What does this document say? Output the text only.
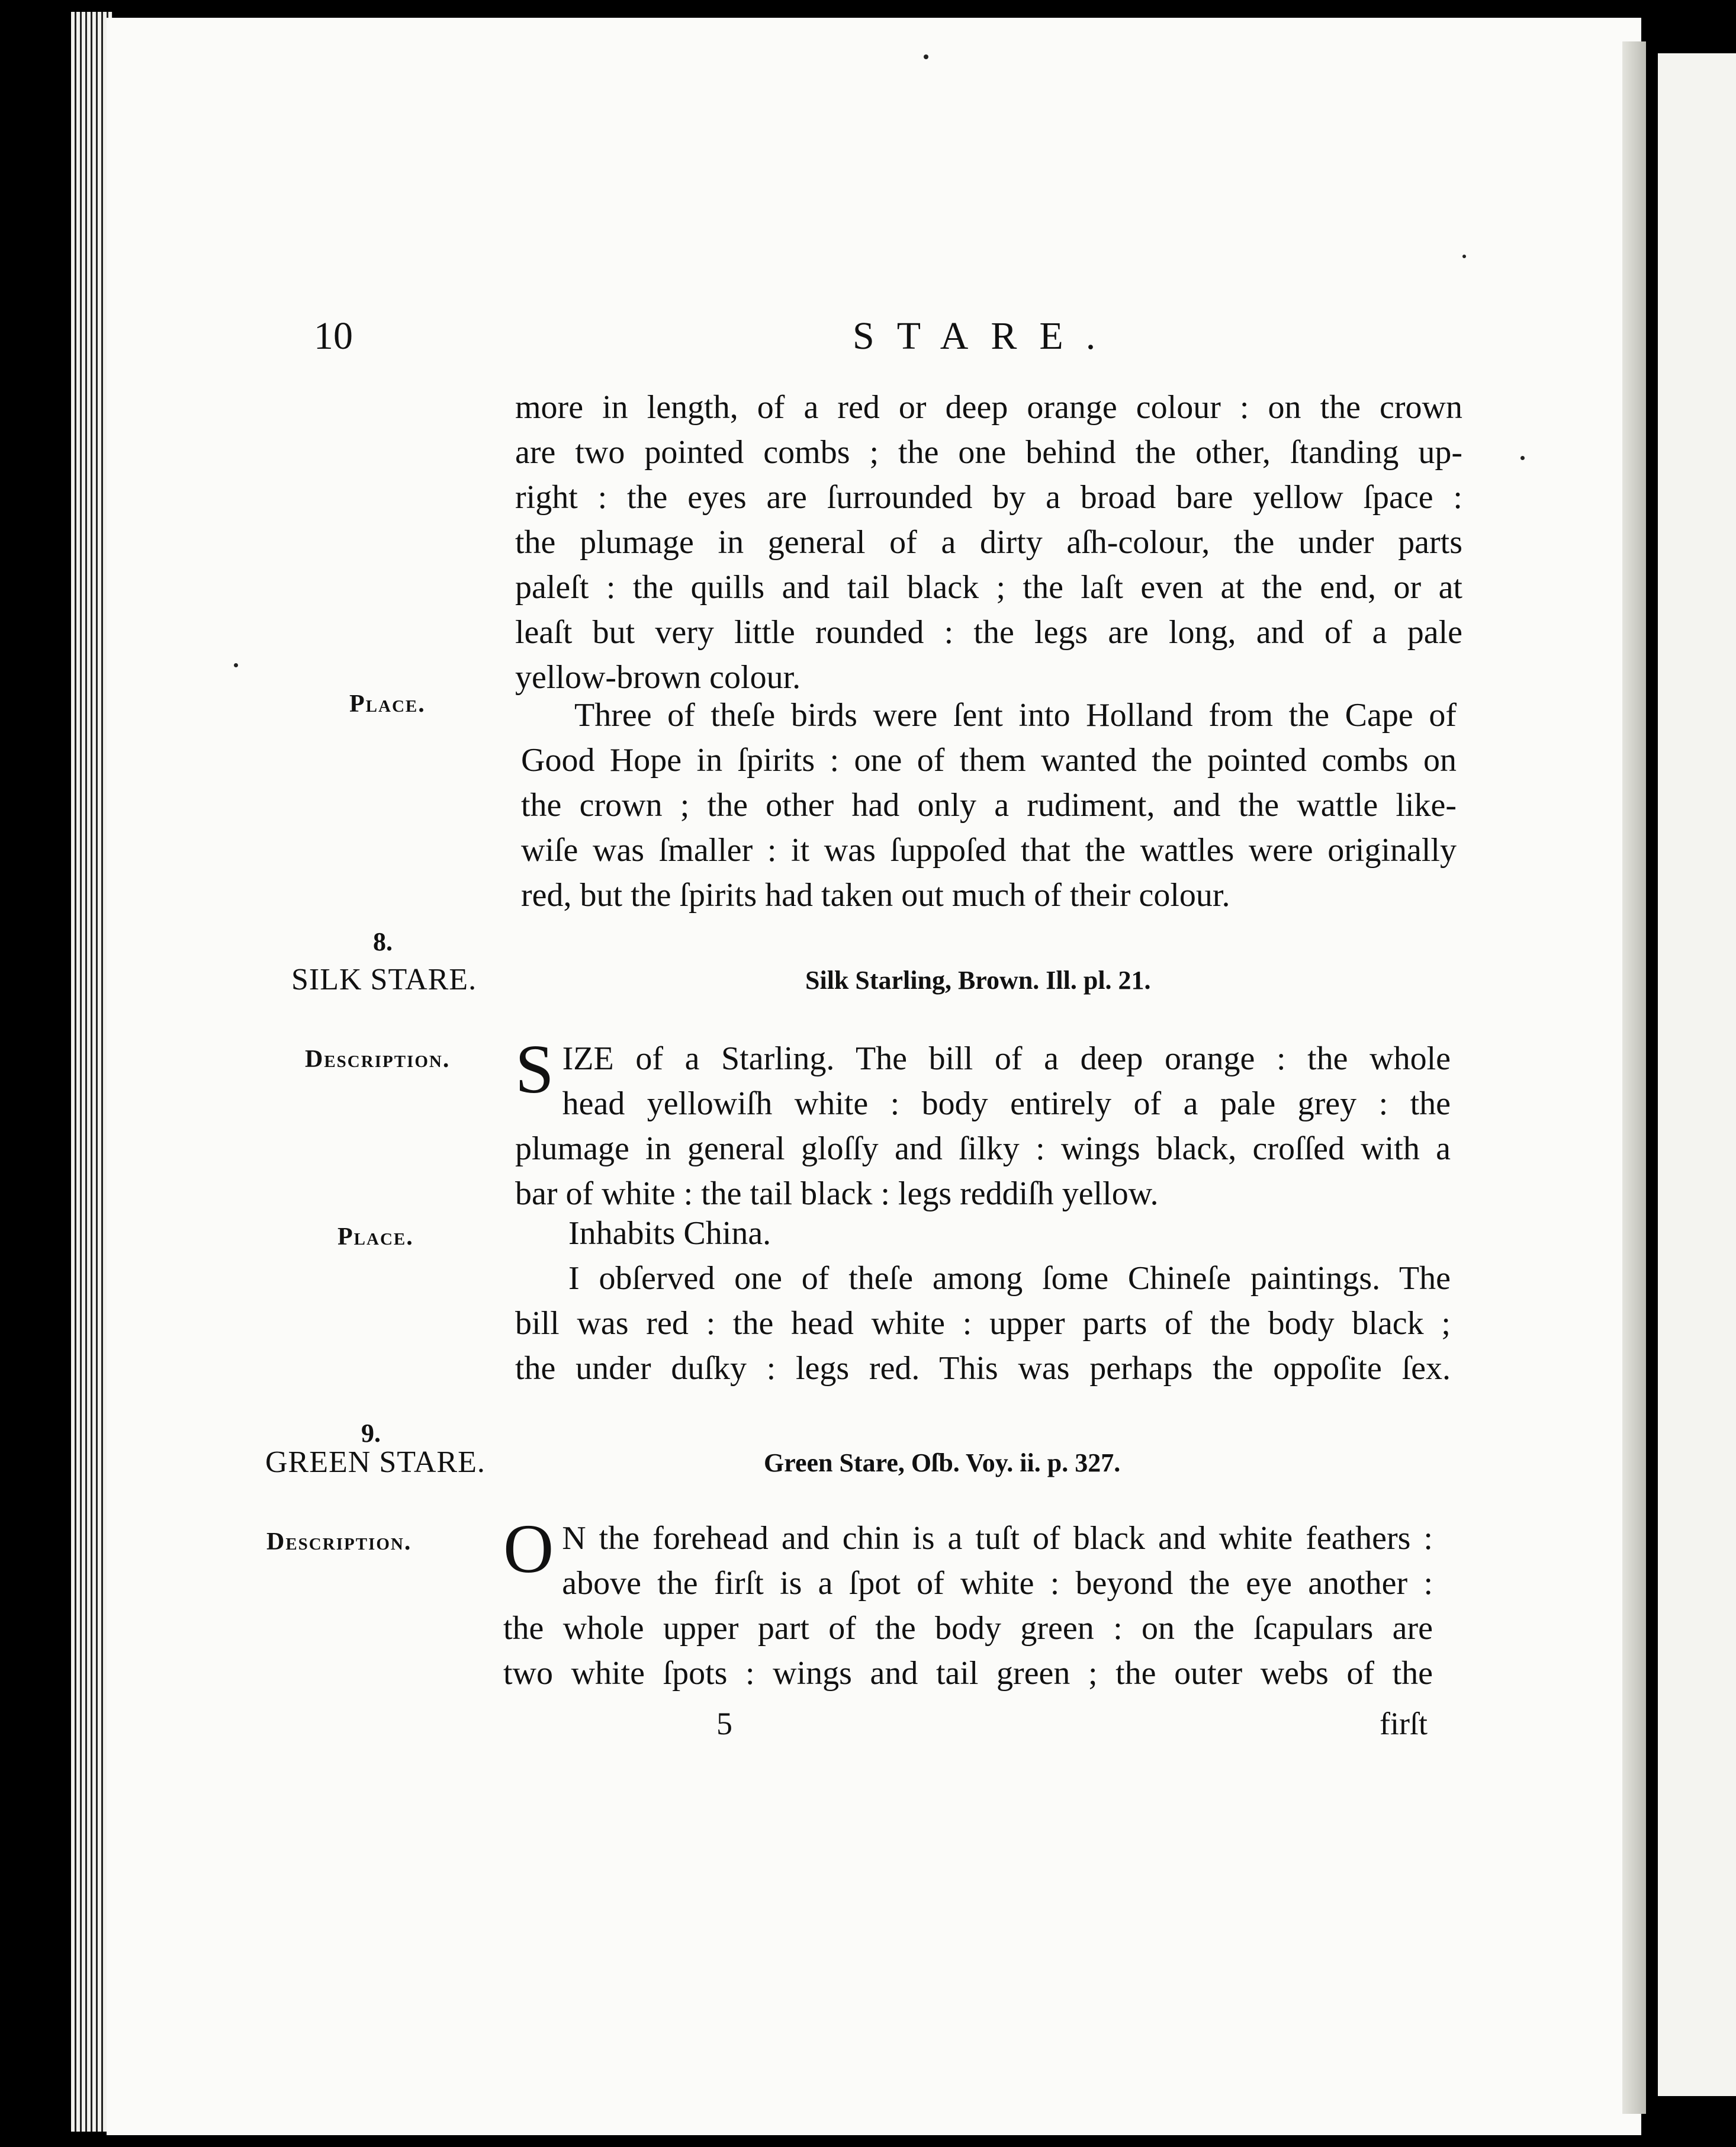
10	STARE.
more in length, of a red or deep orange colour : on the crown
are two pointed combs ; the one behind the other, ſtanding up-
right : the eyes are ſurrounded by a broad bare yellow ſpace :
the plumage in general of a dirty aſh-colour, the under parts
paleſt : the quills and tail black ; the laſt even at the end, or at
leaſt but very little rounded : the legs are long, and of a pale
yellow-brown colour.
Place.	Three of theſe birds were ſent into Holland from the Cape of
Good Hope in ſpirits : one of them wanted the pointed combs on
the crown ; the other had only a rudiment, and the wattle like-
wiſe was ſmaller : it was ſuppoſed that the wattles were originally
red, but the ſpirits had taken out much of their colour.
8.
SILK STARE.	Silk Starling, Brown. Ill. pl. 21.
Description. S IZE of a Starling. The bill of a deep orange : the whole
head yellowiſh white : body entirely of a pale grey : the
plumage in general gloſſy and ſilky : wings black, croſſed with a
bar of white : the tail black : legs reddiſh yellow.
Place.	Inhabits China.
I obſerved one of theſe among ſome Chineſe paintings. The
bill was red : the head white : upper parts of the body black ;
the under duſky : legs red. This was perhaps the oppoſite ſex.
9.
GREEN STARE.	Green Stare, Oſb. Voy. ii. p. 327.
Description. O N the forehead and chin is a tuſt of black and white feathers :
above the firſt is a ſpot of white : beyond the eye another :
the whole upper part of the body green : on the ſcapulars are
two white ſpots : wings and tail green ; the outer webs of the
5	firſt
